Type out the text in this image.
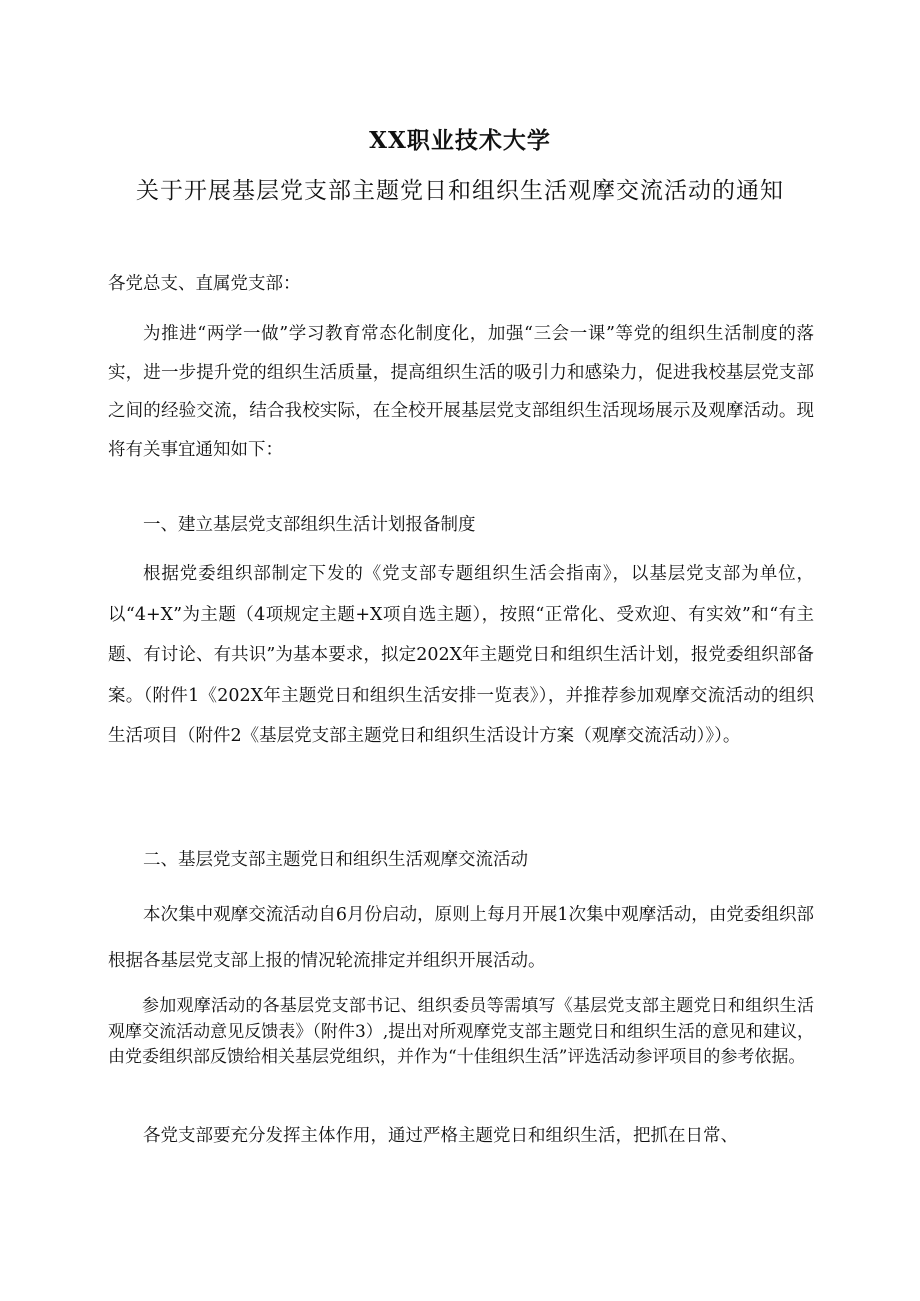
XX职业技术大学
关于开展基层党支部主题党日和组织生活观摩交流活动的通知
各党总支、直属党支部：

为推进“两学一做”学习教育常态化制度化，加强“三会一课”等党的组织生活制度的落实，进一步提升党的组织生活质量，提高组织生活的吸引力和感染力，促进我校基层党支部之间的经验交流，结合我校实际，在全校开展基层党支部组织生活现场展示及观摩活动。现将有关事宜通知如下：

一、建立基层党支部组织生活计划报备制度

根据党委组织部制定下发的《党支部专题组织生活会指南》，以基层党支部为单位，以“4+X”为主题（4项规定主题+X项自选主题），按照“正常化、受欢迎、有实效”和“有主题、有讨论、有共识”为基本要求，拟定202X年主题党日和组织生活计划，报党委组织部备案。（附件1《202X年主题党日和组织生活安排一览表》），并推荐参加观摩交流活动的组织生活项目（附件2《基层党支部主题党日和组织生活设计方案（观摩交流活动）》）。

二、基层党支部主题党日和组织生活观摩交流活动

本次集中观摩交流活动自6月份启动，原则上每月开展1次集中观摩活动，由党委组织部根据各基层党支部上报的情况轮流排定并组织开展活动。

参加观摩活动的各基层党支部书记、组织委员等需填写《基层党支部主题党日和组织生活观摩交流活动意见反馈表》（附件3）,提出对所观摩党支部主题党日和组织生活的意见和建议，由党委组织部反馈给相关基层党组织，并作为“十佳组织生活”评选活动参评项目的参考依据。

各党支部要充分发挥主体作用，通过严格主题党日和组织生活，把抓在日常、
